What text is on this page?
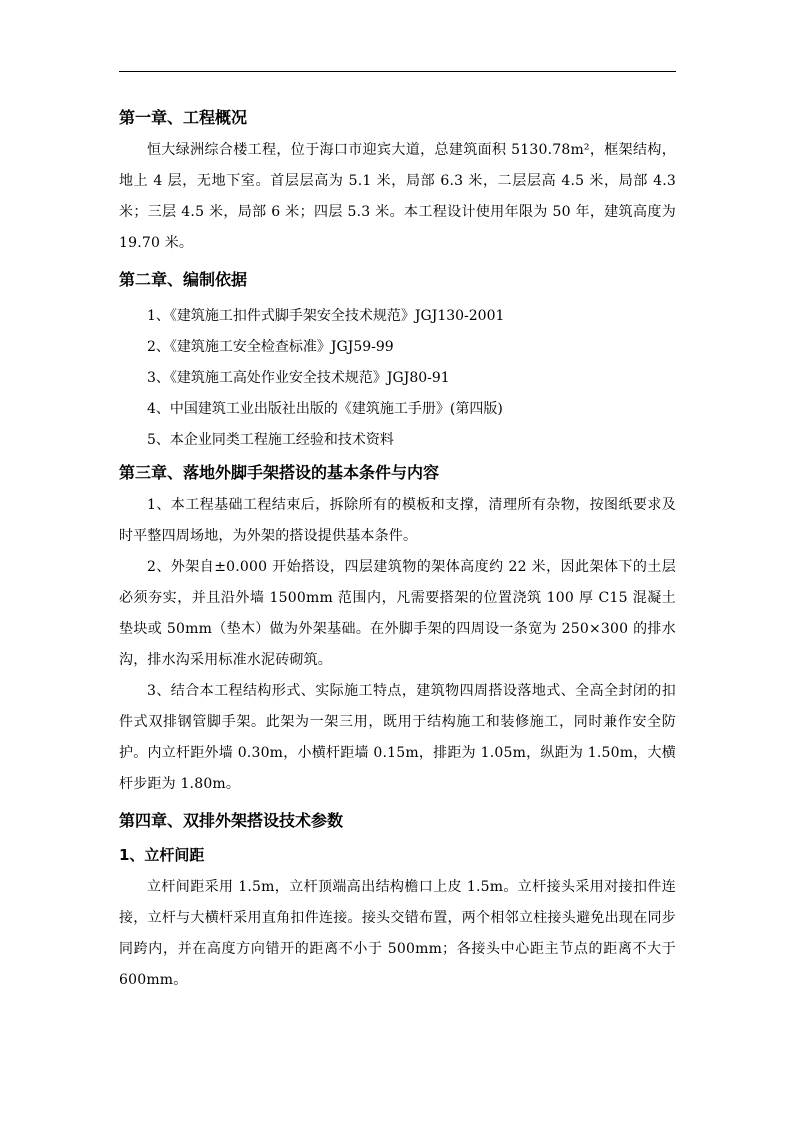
第一章、工程概况

恒大绿洲综合楼工程，位于海口市迎宾大道，总建筑面积 5130.78m²，框架结构，地上 4 层，无地下室。首层层高为 5.1 米，局部 6.3 米，二层层高 4.5 米，局部 4.3 米；三层 4.5 米，局部 6 米；四层 5.3 米。本工程设计使用年限为 50 年，建筑高度为 19.70 米。

第二章、编制依据

1、《建筑施工扣件式脚手架安全技术规范》JGJ130-2001

2、《建筑施工安全检查标准》JGJ59-99

3、《建筑施工高处作业安全技术规范》JGJ80-91

4、中国建筑工业出版社出版的《建筑施工手册》(第四版)

5、本企业同类工程施工经验和技术资料

第三章、落地外脚手架搭设的基本条件与内容

1、本工程基础工程结束后，拆除所有的模板和支撑，清理所有杂物，按图纸要求及时平整四周场地，为外架的搭设提供基本条件。

2、外架自±0.000 开始搭设，四层建筑物的架体高度约 22 米，因此架体下的土层必须夯实，并且沿外墙 1500mm 范围内，凡需要搭架的位置浇筑 100 厚 C15 混凝土垫块或 50mm（垫木）做为外架基础。在外脚手架的四周设一条宽为 250×300 的排水沟，排水沟采用标准水泥砖砌筑。

3、结合本工程结构形式、实际施工特点，建筑物四周搭设落地式、全高全封闭的扣件式双排钢管脚手架。此架为一架三用，既用于结构施工和装修施工，同时兼作安全防护。内立杆距外墙 0.30m，小横杆距墙 0.15m，排距为 1.05m，纵距为 1.50m，大横杆步距为 1.80m。

第四章、双排外架搭设技术参数
1、立杆间距

立杆间距采用 1.5m，立杆顶端高出结构檐口上皮 1.5m。立杆接头采用对接扣件连接，立杆与大横杆采用直角扣件连接。接头交错布置，两个相邻立柱接头避免出现在同步同跨内，并在高度方向错开的距离不小于 500mm；各接头中心距主节点的距离不大于 600mm。
